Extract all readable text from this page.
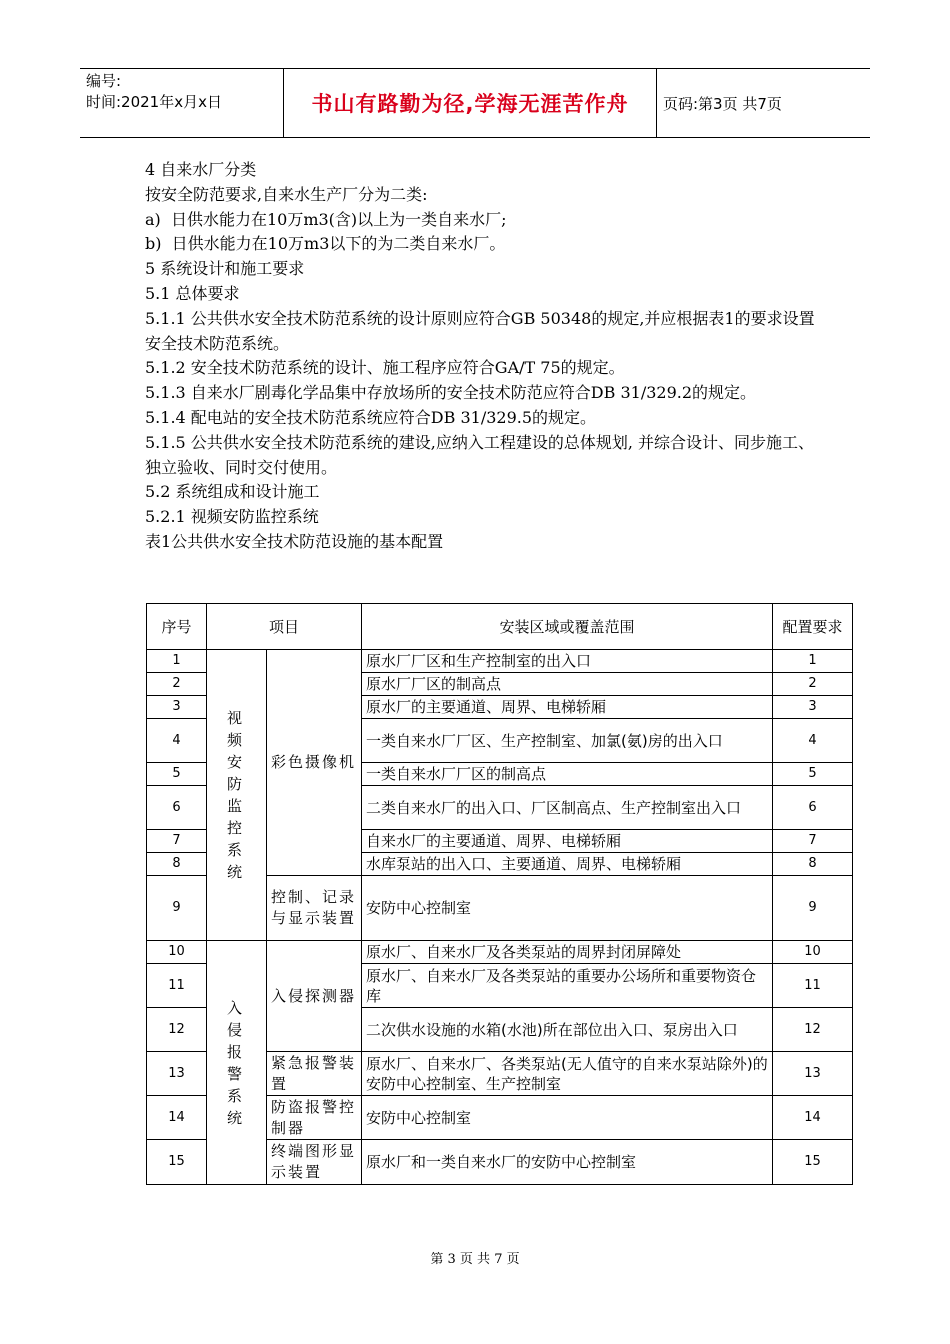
编号:
时间:2021年x月x日	书山有路勤为径,学海无涯苦作舟	页码:第3页 共7页

4 自来水厂分类

按安全防范要求,自来水生产厂分为二类:

a)  日供水能力在10万m3(含)以上为一类自来水厂;

b)  日供水能力在10万m3以下的为二类自来水厂。

5 系统设计和施工要求

5.1 总体要求

5.1.1 公共供水安全技术防范系统的设计原则应符合GB 50348的规定,并应根据表1的要求设置安全技术防范系统。

5.1.2 安全技术防范系统的设计、施工程序应符合GA/T 75的规定。

5.1.3 自来水厂剧毒化学品集中存放场所的安全技术防范应符合DB 31/329.2的规定。

5.1.4 配电站的安全技术防范系统应符合DB 31/329.5的规定。

5.1.5 公共供水安全技术防范系统的建设,应纳入工程建设的总体规划, 并综合设计、同步施工、独立验收、同时交付使用。

5.2 系统组成和设计施工

5.2.1 视频安防监控系统

表1公共供水安全技术防范设施的基本配置

序号	项目		安装区域或覆盖范围	配置要求
1	视频安防监控系统	彩色摄像机	原水厂厂区和生产控制室的出入口	1
2			原水厂厂区的制高点	2
3			原水厂的主要通道、周界、电梯轿厢	3
4			一类自来水厂厂区、生产控制室、加氯(氨)房的出入口	4
5			一类自来水厂厂区的制高点	5
6			二类自来水厂的出入口、厂区制高点、生产控制室出入口	6
7			自来水厂的主要通道、周界、电梯轿厢	7
8			水库泵站的出入口、主要通道、周界、电梯轿厢	8
9		控制、记录与显示装置	安防中心控制室	9
10	入侵报警系统	入侵探测器	原水厂、自来水厂及各类泵站的周界封闭屏障处	10
11			原水厂、自来水厂及各类泵站的重要办公场所和重要物资仓库	11
12			二次供水设施的水箱(水池)所在部位出入口、泵房出入口	12
13		紧急报警装置	原水厂、自来水厂、各类泵站(无人值守的自来水泵站除外)的安防中心控制室、生产控制室	13
14		防盗报警控制器	安防中心控制室	14
15		终端图形显示装置	原水厂和一类自来水厂的安防中心控制室	15
第 3 页 共 7 页
